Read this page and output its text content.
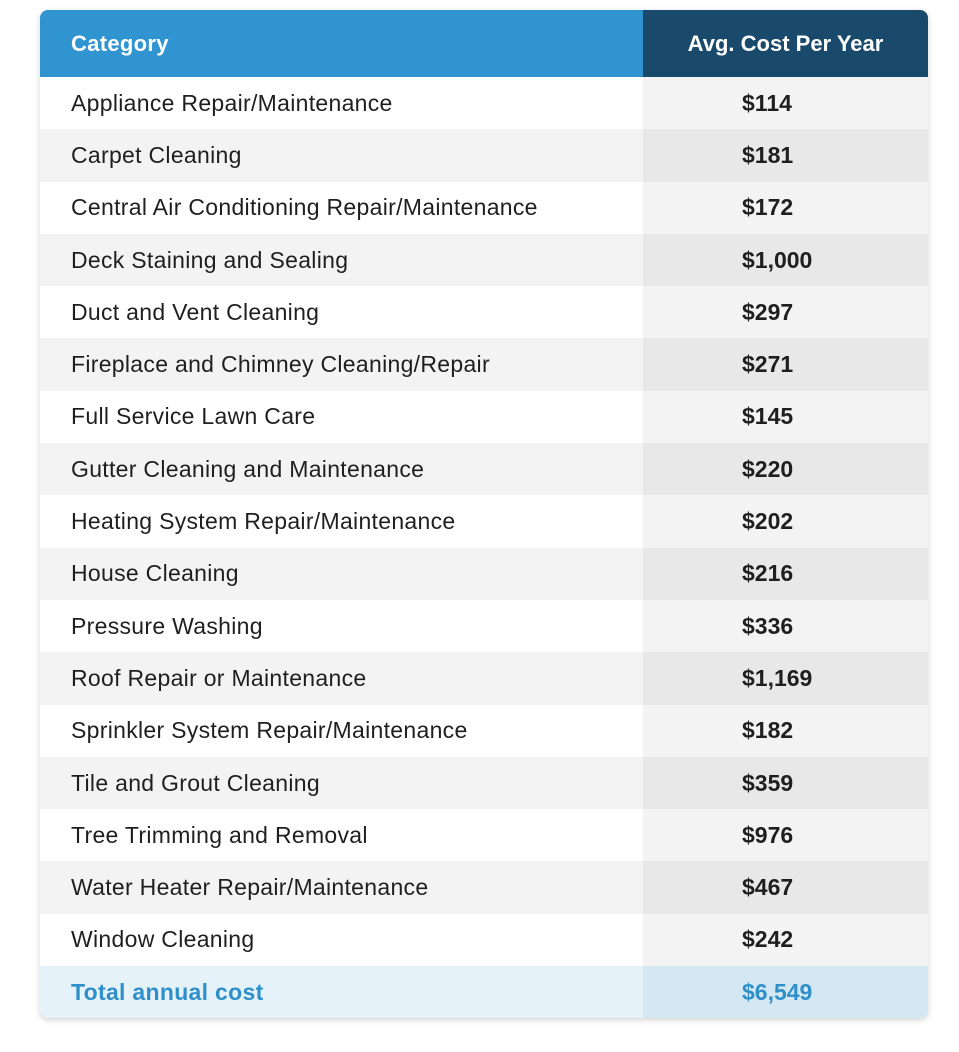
Category	Avg. Cost Per Year
Appliance Repair/Maintenance	$114
Carpet Cleaning	$181
Central Air Conditioning Repair/Maintenance	$172
Deck Staining and Sealing	$1,000
Duct and Vent Cleaning	$297
Fireplace and Chimney Cleaning/Repair	$271
Full Service Lawn Care	$145
Gutter Cleaning and Maintenance	$220
Heating System Repair/Maintenance	$202
House Cleaning	$216
Pressure Washing	$336
Roof Repair or Maintenance	$1,169
Sprinkler System Repair/Maintenance	$182
Tile and Grout Cleaning	$359
Tree Trimming and Removal	$976
Water Heater Repair/Maintenance	$467
Window Cleaning	$242
Total annual cost	$6,549
